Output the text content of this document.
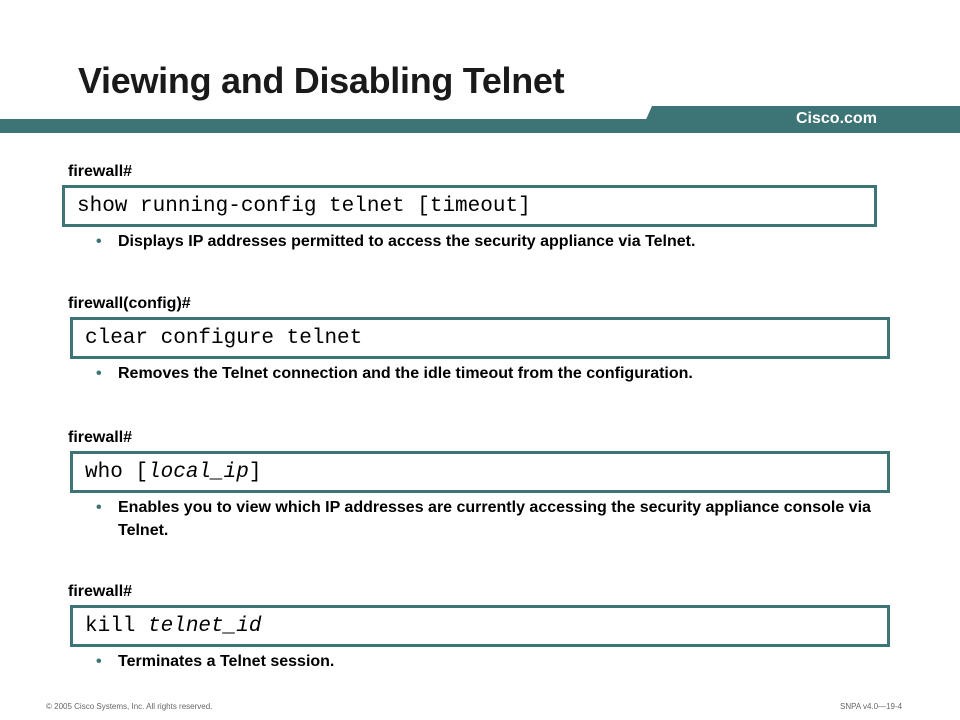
Viewing and Disabling Telnet
Cisco.com
firewall#
show running-config telnet [timeout]
• Displays IP addresses permitted to access the security appliance via Telnet.
firewall(config)#
clear configure telnet
• Removes the Telnet connection and the idle timeout from the configuration.
firewall#
who [ local_ip ]
• Enables you to view which IP addresses are currently accessing the security appliance console via Telnet.
firewall#
kill telnet_id
• Terminates a Telnet session.
© 2005 Cisco Systems, Inc. All rights reserved.	SNPA v4.0—19-4
